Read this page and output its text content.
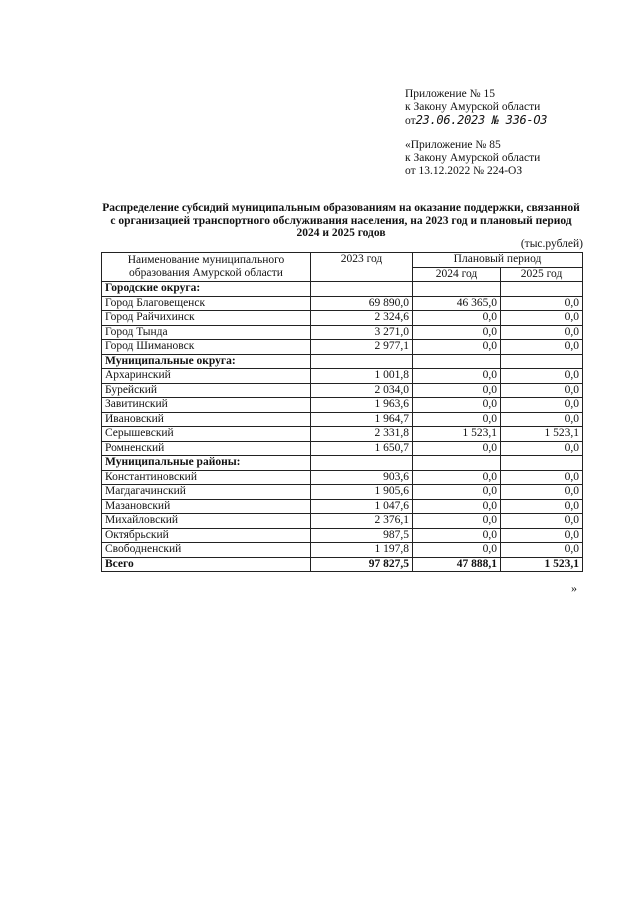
Приложение № 15
к Закону Амурской области
от23.06.2023 № 336-ОЗ
«Приложение № 85
к Закону Амурской области
от 13.12.2022 № 224-ОЗ
Распределение субсидий муниципальным образованиям на оказание поддержки, связанной с организацией транспортного обслуживания населения, на 2023 год и плановый период 2024 и 2025 годов
(тыс.рублей)
Наименование муниципального образования Амурской области	2023 год	Плановый период	
		2024 год	2025 год
Городские округа:			
Город Благовещенск	69 890,0	46 365,0	0,0
Город Райчихинск	2 324,6	0,0	0,0
Город Тында	3 271,0	0,0	0,0
Город Шимановск	2 977,1	0,0	0,0
Муниципальные округа:			
Архаринский	1 001,8	0,0	0,0
Бурейский	2 034,0	0,0	0,0
Завитинский	1 963,6	0,0	0,0
Ивановский	1 964,7	0,0	0,0
Серышевский	2 331,8	1 523,1	1 523,1
Ромненский	1 650,7	0,0	0,0
Муниципальные районы:			
Константиновский	903,6	0,0	0,0
Магдагачинский	1 905,6	0,0	0,0
Мазановский	1 047,6	0,0	0,0
Михайловский	2 376,1	0,0	0,0
Октябрьский	987,5	0,0	0,0
Свободненский	1 197,8	0,0	0,0
Всего	97 827,5	47 888,1	1 523,1
»
